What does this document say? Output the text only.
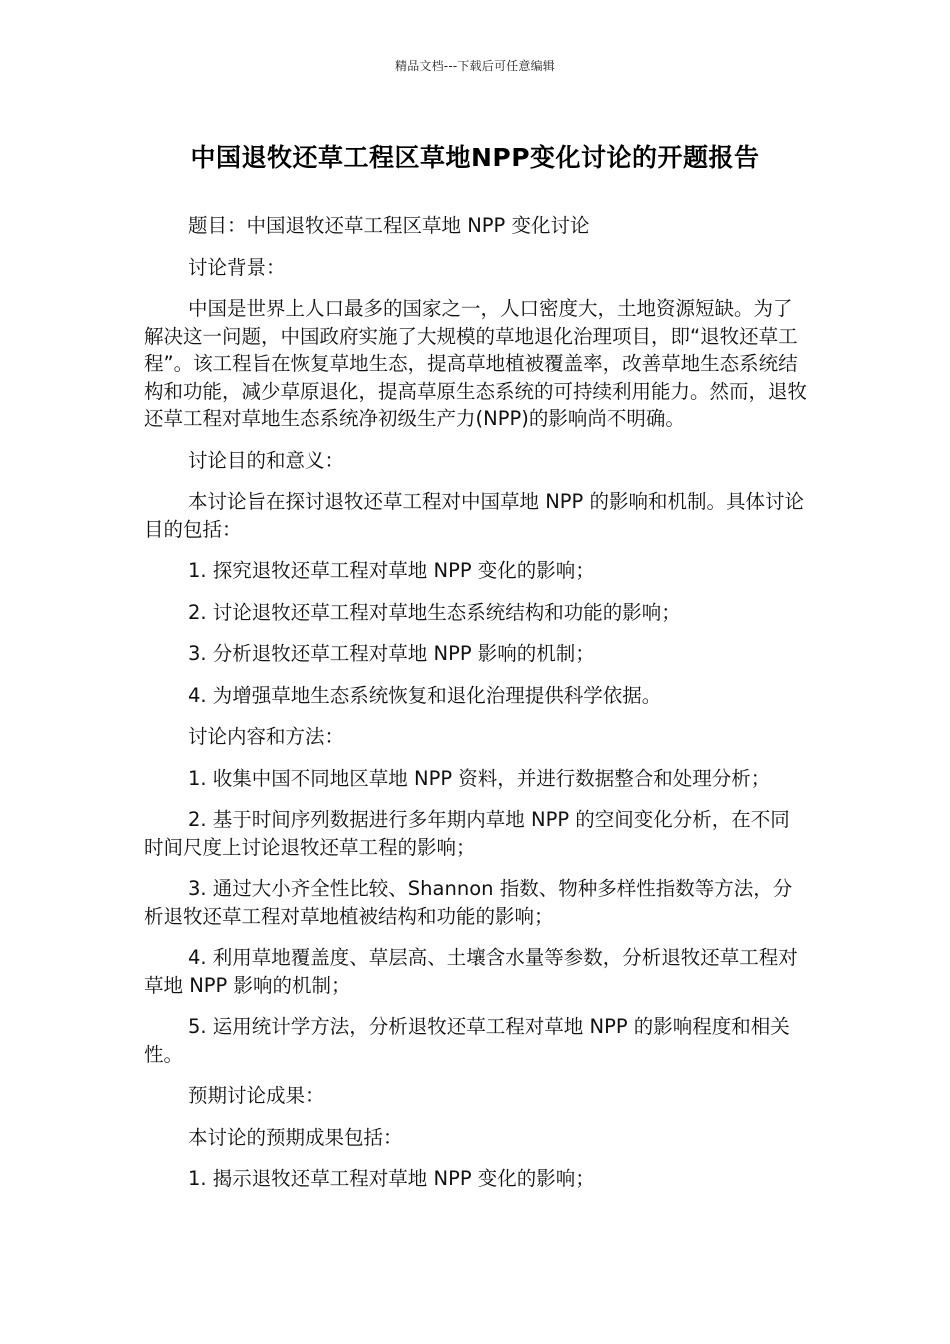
精品文档---下载后可任意编辑
中国退牧还草工程区草地NPP变化讨论的开题报告

题目：中国退牧还草工程区草地 NPP 变化讨论

讨论背景：

中国是世界上人口最多的国家之一，人口密度大，土地资源短缺。为了解决这一问题，中国政府实施了大规模的草地退化治理项目，即“退牧还草工程”。该工程旨在恢复草地生态，提高草地植被覆盖率，改善草地生态系统结构和功能，减少草原退化，提高草原生态系统的可持续利用能力。然而，退牧还草工程对草地生态系统净初级生产力(NPP)的影响尚不明确。

讨论目的和意义：

本讨论旨在探讨退牧还草工程对中国草地 NPP 的影响和机制。具体讨论目的包括：

1. 探究退牧还草工程对草地 NPP 变化的影响；

2. 讨论退牧还草工程对草地生态系统结构和功能的影响；

3. 分析退牧还草工程对草地 NPP 影响的机制；

4. 为增强草地生态系统恢复和退化治理提供科学依据。

讨论内容和方法：

1. 收集中国不同地区草地 NPP 资料，并进行数据整合和处理分析；

2. 基于时间序列数据进行多年期内草地 NPP 的空间变化分析，在不同时间尺度上讨论退牧还草工程的影响；

3. 通过大小齐全性比较、Shannon 指数、物种多样性指数等方法，分析退牧还草工程对草地植被结构和功能的影响；

4. 利用草地覆盖度、草层高、土壤含水量等参数，分析退牧还草工程对草地 NPP 影响的机制；

5. 运用统计学方法，分析退牧还草工程对草地 NPP 的影响程度和相关性。

预期讨论成果：

本讨论的预期成果包括：

1. 揭示退牧还草工程对草地 NPP 变化的影响；
